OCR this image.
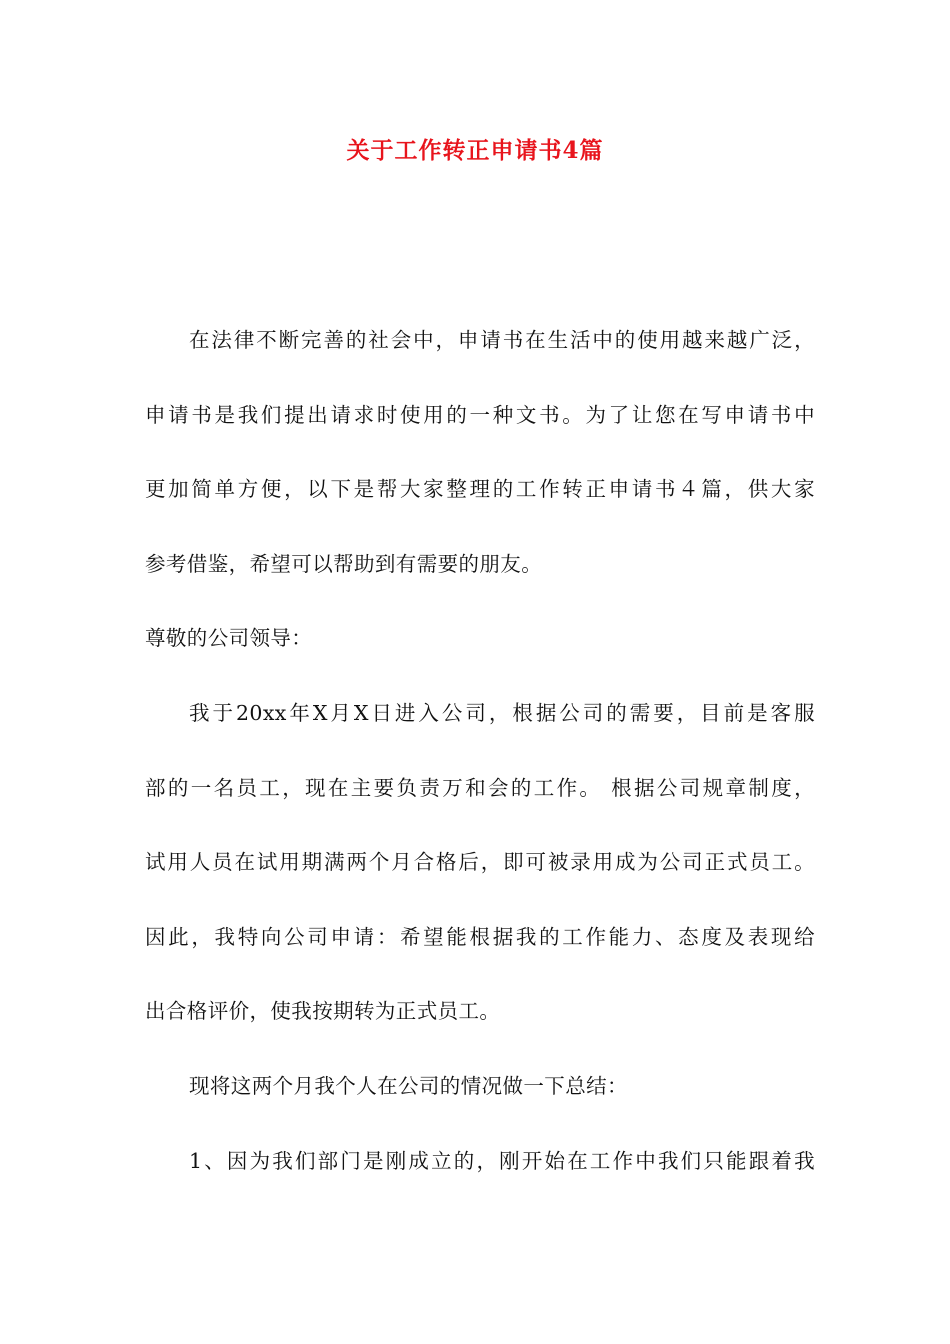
关于工作转正申请书4篇
在法律不断完善的社会中，申请书在生活中的使用越来越广泛，
申请书是我们提出请求时使用的一种文书。为了让您在写申请书中
更加简单方便，以下是帮大家整理的工作转正申请书４篇，供大家
参考借鉴，希望可以帮助到有需要的朋友。
尊敬的公司领导：
我于20xx年X月X日进入公司，根据公司的需要，目前是客服
部的一名员工，现在主要负责万和会的工作。 根据公司规章制度，
试用人员在试用期满两个月合格后，即可被录用成为公司正式员工。
因此，我特向公司申请：希望能根据我的工作能力、态度及表现给
出合格评价，使我按期转为正式员工。
现将这两个月我个人在公司的情况做一下总结：
1、因为我们部门是刚成立的，刚开始在工作中我们只能跟着我
